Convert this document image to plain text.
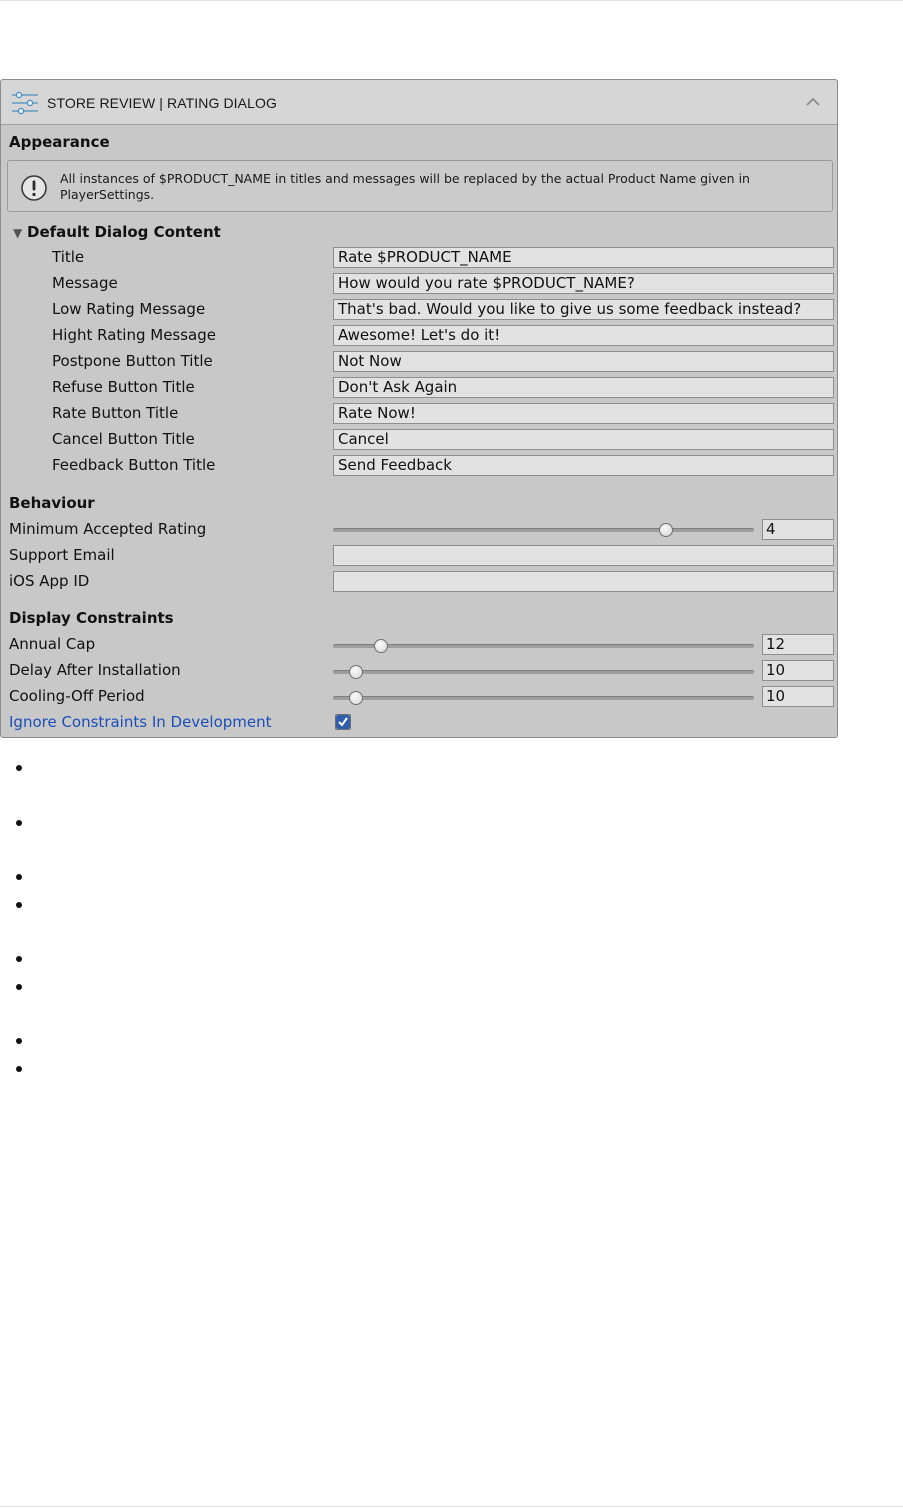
STORE REVIEW | RATING DIALOG
Appearance
All instances of $PRODUCT_NAME in titles and messages will be replaced by the actual Product Name given in PlayerSettings.
▼ Default Dialog Content
Title	Rate $PRODUCT_NAME
Message	How would you rate $PRODUCT_NAME?
Low Rating Message	That's bad. Would you like to give us some feedback instead?
Hight Rating Message	Awesome! Let's do it!
Postpone Button Title	Not Now
Refuse Button Title	Don't Ask Again
Rate Button Title	Rate Now!
Cancel Button Title	Cancel
Feedback Button Title	Send Feedback
Behaviour
Minimum Accepted Rating	4
Support Email
iOS App ID
Display Constraints
Annual Cap	12
Delay After Installation	10
Cooling-Off Period	10
Ignore Constraints In Development
